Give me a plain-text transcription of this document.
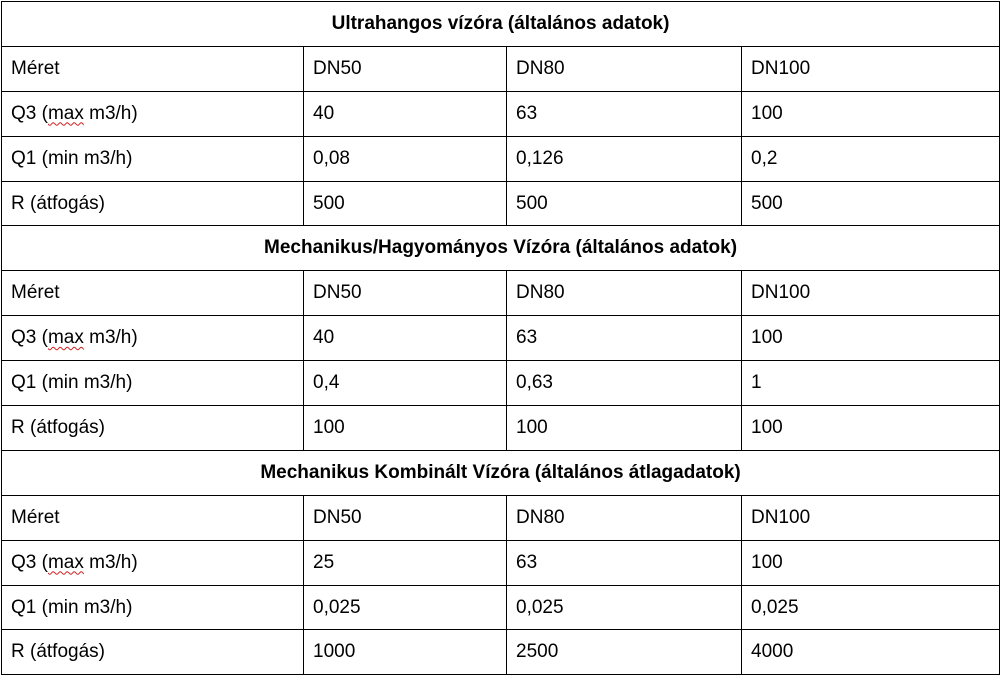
Ultrahangos vízóra (általános adatok)			
Méret	DN50	DN80	DN100
Q3 (max m3/h)	40	63	100
Q1 (min m3/h)	0,08	0,126	0,2
R (átfogás)	500	500	500
Mechanikus/Hagyományos Vízóra (általános adatok)			
Méret	DN50	DN80	DN100
Q3 (max m3/h)	40	63	100
Q1 (min m3/h)	0,4	0,63	1
R (átfogás)	100	100	100
Mechanikus Kombinált Vízóra (általános átlagadatok)			
Méret	DN50	DN80	DN100
Q3 (max m3/h)	25	63	100
Q1 (min m3/h)	0,025	0,025	0,025
R (átfogás)	1000	2500	4000
